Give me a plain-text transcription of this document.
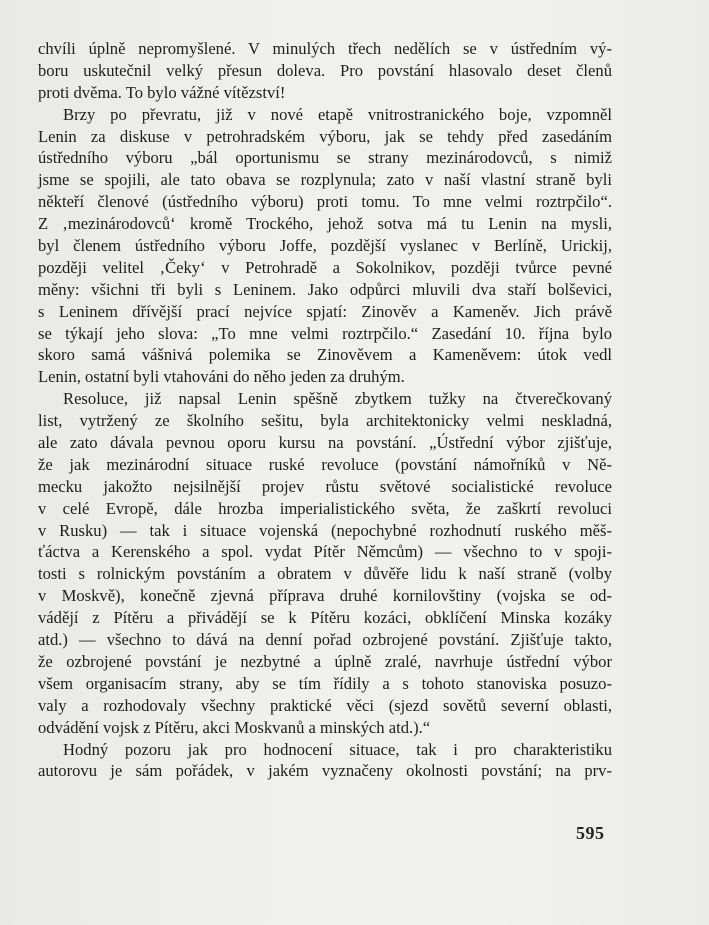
chvíli úplně nepromyšlené. V minulých třech nedělích se v ústředním vý-
boru uskutečnil velký přesun doleva. Pro povstání hlasovalo deset členů
proti dvěma. To bylo vážné vítězství!
Brzy po převratu, již v nové etapě vnitrostranického boje, vzpomněl
Lenin za diskuse v petrohradském výboru, jak se tehdy před zasedáním
ústředního výboru „bál oportunismu se strany mezinárodovců, s nimiž
jsme se spojili, ale tato obava se rozplynula; zato v naší vlastní straně byli
někteří členové (ústředního výboru) proti tomu. To mne velmi roztrpčilo“.
Z ‚mezinárodovců‘ kromě Trockého, jehož sotva má tu Lenin na mysli,
byl členem ústředního výboru Joffe, pozdější vyslanec v Berlíně, Urickij,
později velitel ‚Čeky‘ v Petrohradě a Sokolnikov, později tvůrce pevné
měny: všichni tři byli s Leninem. Jako odpůrci mluvili dva staří bolševici,
s Leninem dřívější prací nejvíce spjatí: Zinověv a Kameněv. Jich právě
se týkají jeho slova: „To mne velmi roztrpčilo.“ Zasedání 10. října bylo
skoro samá vášnivá polemika se Zinověvem a Kameněvem: útok vedl
Lenin, ostatní byli vtahováni do něho jeden za druhým.
Resoluce, již napsal Lenin spěšně zbytkem tužky na čtverečkovaný
list, vytržený ze školního sešitu, byla architektonicky velmi neskladná,
ale zato dávala pevnou oporu kursu na povstání. „Ústřední výbor zjišťuje,
že jak mezinárodní situace ruské revoluce (povstání námořníků v Ně-
mecku jakožto nejsilnější projev růstu světové socialistické revoluce
v celé Evropě, dále hrozba imperialistického světa, že zaškrtí revoluci
v Rusku) — tak i situace vojenská (nepochybné rozhodnutí ruského měš-
ťáctva a Kerenského a spol. vydat Pítěr Němcům) — všechno to v spoji-
tosti s rolnickým povstáním a obratem v důvěře lidu k naší straně (volby
v Moskvě), konečně zjevná příprava druhé kornilovštiny (vojska se od-
vádějí z Pítěru a přivádějí se k Pítěru kozáci, obklíčení Minska kozáky
atd.) — všechno to dává na denní pořad ozbrojené povstání. Zjišťuje takto,
že ozbrojené povstání je nezbytné a úplně zralé, navrhuje ústřední výbor
všem organisacím strany, aby se tím řídily a s tohoto stanoviska posuzo-
valy a rozhodovaly všechny praktické věci (sjezd sovětů severní oblasti,
odvádění vojsk z Pítěru, akci Moskvanů a minských atd.).“
Hodný pozoru jak pro hodnocení situace, tak i pro charakteristiku
autorovu je sám pořádek, v jakém vyznačeny okolnosti povstání; na prv-
595
